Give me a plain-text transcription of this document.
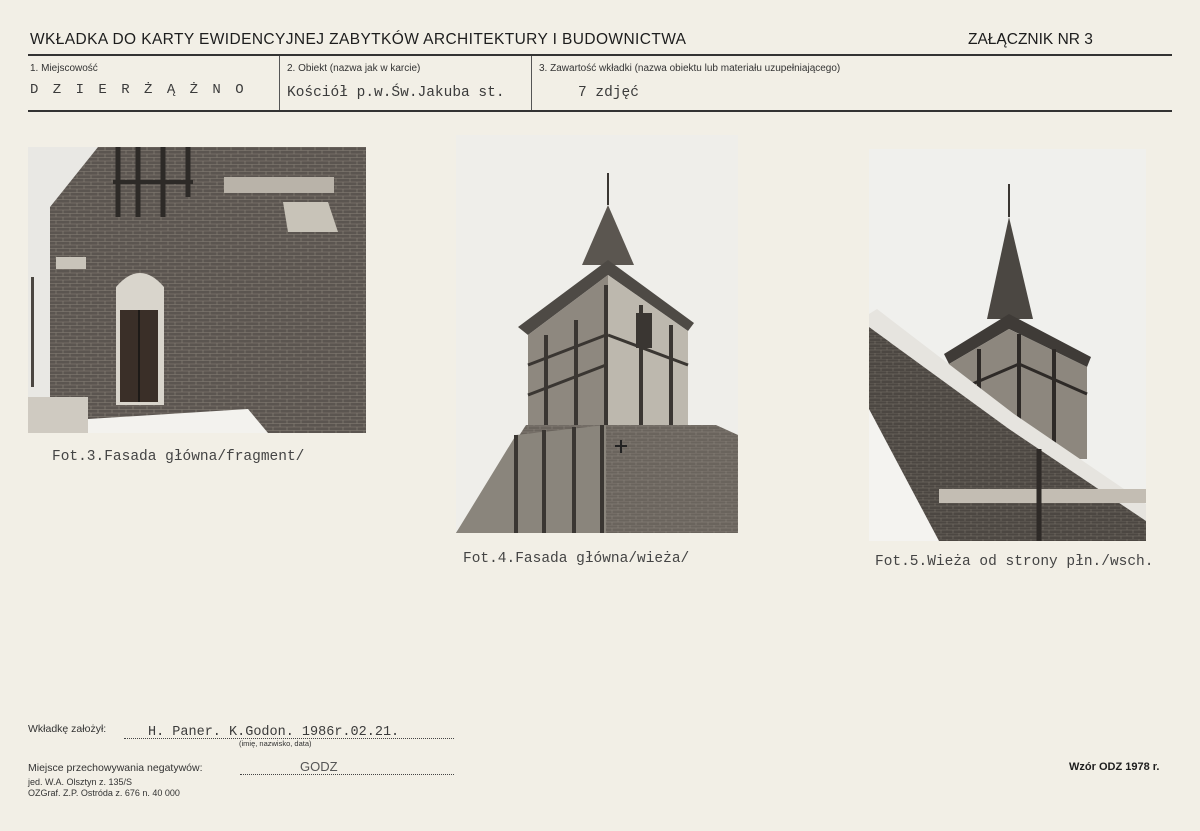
WKŁADKA DO KARTY EWIDENCYJNEJ ZABYTKÓW ARCHITEKTURY I BUDOWNICTWA	ZAŁĄCZNIK NR 3
1. Miejscowość
D Z I E R Ż Ą Ż N O
2. Obiekt (nazwa jak w karcie)
Kościół p.w.Św.Jakuba st.
3. Zawartość wkładki (nazwa obiektu lub materiału uzupełniającego)
7 zdjęć
Fot.3.Fasada główna/fragment/
Fot.4.Fasada główna/wieża/	Fot.5.Wieża od strony płn./wsch.
Wkładkę założył:	H. Paner. K.Godon. 1986r.02.21.
(imię, nazwisko, data)
Miejsce przechowywania negatywów:	GODZ
jed. W.A. Olsztyn z. 135/S
OZGraf. Z.P. Ostróda z. 676 n. 40 000
Wzór ODZ 1978 r.
